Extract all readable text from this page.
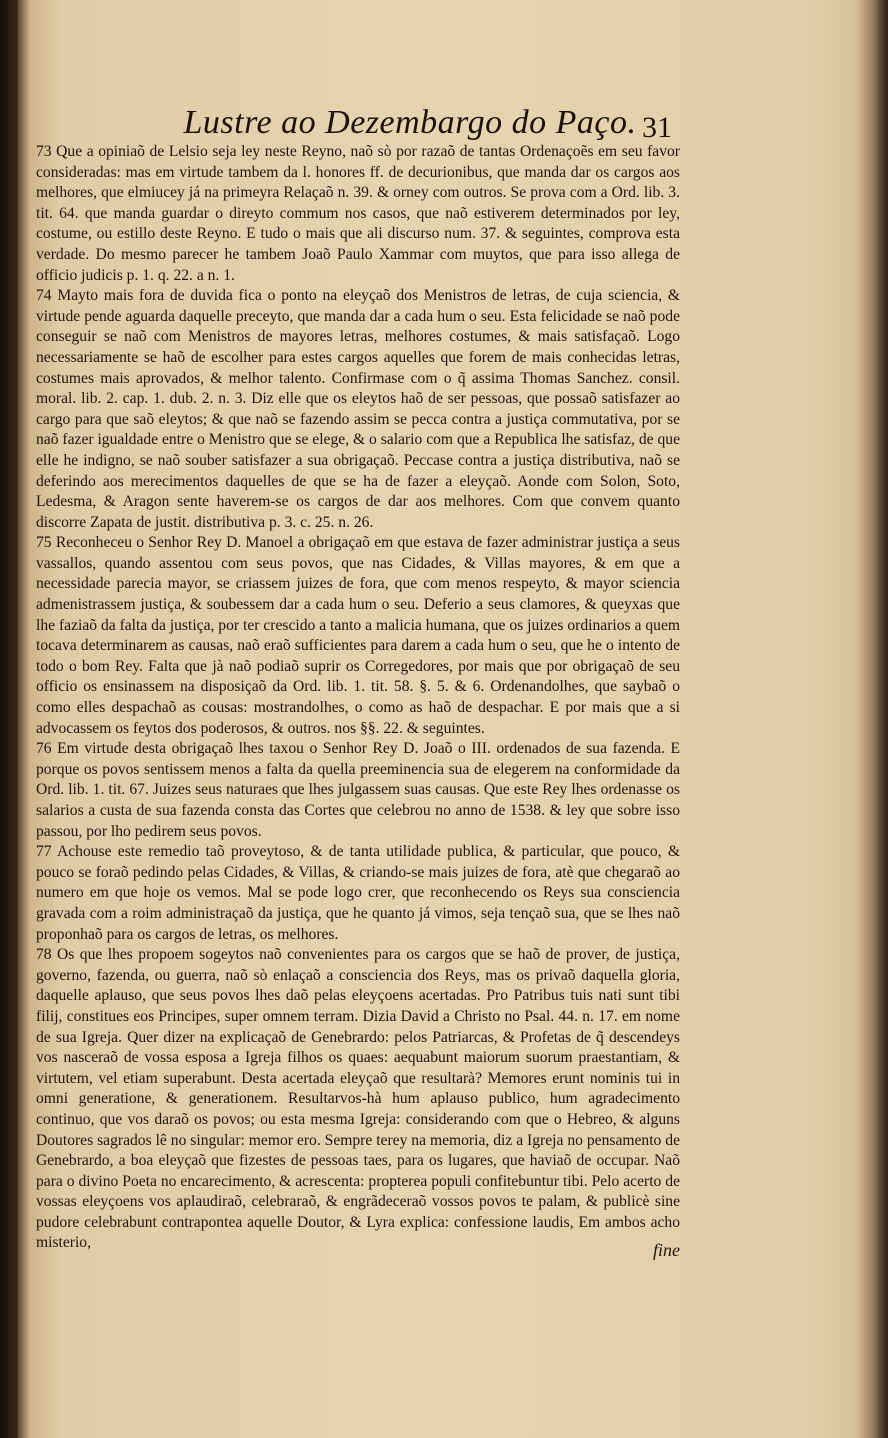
Lustre ao Dezembargo do Paço. 31

73 Que a opiniaõ de Lelsio seja ley neste Reyno, naõ sò por razaõ de tantas Ordenaçoẽs em seu favor consideradas: mas em virtude tambem da l. honores ff. de decurionibus, que manda dar os cargos aos melhores, que elmiucey já na primeyra Relaçaõ n. 39. & orney com outros. Se prova com a Ord. lib. 3. tit. 64. que manda guardar o direyto commum nos casos, que naõ estiverem determinados por ley, costume, ou estillo deste Reyno. E tudo o mais que ali discurso num. 37. & seguintes, comprova esta verdade. Do mesmo parecer he tambem Joaõ Paulo Xammar com muytos, que para isso allega de officio judicis p. 1. q. 22. a n. 1.

74 Mayto mais fora de duvida fica o ponto na eleyçaõ dos Menistros de letras, de cuja sciencia, & virtude pende aguarda daquelle preceyto, que manda dar a cada hum o seu. Esta felicidade se naõ pode conseguir se naõ com Menistros de mayores letras, melhores costumes, & mais satisfaçaõ. Logo necessariamente se haõ de escolher para estes cargos aquelles que forem de mais conhecidas letras, costumes mais aprovados, & melhor talento. Confirmase com o q̃ assima Thomas Sanchez. consil. moral. lib. 2. cap. 1. dub. 2. n. 3. Diz elle que os eleytos haõ de ser pessoas, que possaõ satisfazer ao cargo para que saõ eleytos; & que naõ se fazendo assim se pecca contra a justiça commutativa, por se naõ fazer igualdade entre o Menistro que se elege, & o salario com que a Republica lhe satisfaz, de que elle he indigno, se naõ souber satisfazer a sua obrigaçaõ. Peccase contra a justiça distributiva, naõ se deferindo aos merecimentos daquelles de que se ha de fazer a eleyçaõ. Aonde com Solon, Soto, Ledesma, & Aragon sente haverem-se os cargos de dar aos melhores. Com que convem quanto discorre Zapata de justit. distributiva p. 3. c. 25. n. 26.

75 Reconheceu o Senhor Rey D. Manoel a obrigaçaõ em que estava de fazer administrar justiça a seus vassallos, quando assentou com seus povos, que nas Cidades, & Villas mayores, & em que a necessidade parecia mayor, se criassem juizes de fora, que com menos respeyto, & mayor sciencia admenistrassem justiça, & soubessem dar a cada hum o seu. Deferio a seus clamores, & queyxas que lhe faziaõ da falta da justiça, por ter crescido a tanto a malicia humana, que os juizes ordinarios a quem tocava determinarem as causas, naõ eraõ sufficientes para darem a cada hum o seu, que he o intento de todo o bom Rey. Falta que jà naõ podiaõ suprir os Corregedores, por mais que por obrigaçaõ de seu officio os ensinassem na disposiçaõ da Ord. lib. 1. tit. 58. §. 5. & 6. Ordenandolhes, que saybaõ o como elles despachaõ as cousas: mostrandolhes, o como as haõ de despachar. E por mais que a si advocassem os feytos dos poderosos, & outros. nos §§. 22. & seguintes.

76 Em virtude desta obrigaçaõ lhes taxou o Senhor Rey D. Joaõ o III. ordenados de sua fazenda. E porque os povos sentissem menos a falta da quella preeminencia sua de elegerem na conformidade da Ord. lib. 1. tit. 67. Juizes seus naturaes que lhes julgassem suas causas. Que este Rey lhes ordenasse os salarios a custa de sua fazenda consta das Cortes que celebrou no anno de 1538. & ley que sobre isso passou, por lho pedirem seus povos.

77 Achouse este remedio taõ proveytoso, & de tanta utilidade publica, & particular, que pouco, & pouco se foraõ pedindo pelas Cidades, & Villas, & criando-se mais juizes de fora, atè que chegaraõ ao numero em que hoje os vemos. Mal se pode logo crer, que reconhecendo os Reys sua consciencia gravada com a roim administraçaõ da justiça, que he quanto já vimos, seja tençaõ sua, que se lhes naõ proponhaõ para os cargos de letras, os melhores.

78 Os que lhes propoem sogeytos naõ convenientes para os cargos que se haõ de prover, de justiça, governo, fazenda, ou guerra, naõ sò enlaçaõ a consciencia dos Reys, mas os privaõ daquella gloria, daquelle aplauso, que seus povos lhes daõ pelas eleyçoens acertadas. Pro Patribus tuis nati sunt tibi filij, constitues eos Principes, super omnem terram. Dizia David a Christo no Psal. 44. n. 17. em nome de sua Igreja. Quer dizer na explicaçaõ de Genebrardo: pelos Patriarcas, & Profetas de q̃ descendeys vos nasceraõ de vossa esposa a Igreja filhos os quaes: aequabunt maiorum suorum praestantiam, & virtutem, vel etiam superabunt. Desta acertada eleyçaõ que resultarà? Memores erunt nominis tui in omni generatione, & generationem. Resultarvos-hà hum aplauso publico, hum agradecimento continuo, que vos daraõ os povos; ou esta mesma Igreja: considerando com que o Hebreo, & alguns Doutores sagrados lê no singular: memor ero. Sempre terey na memoria, diz a Igreja no pensamento de Genebrardo, a boa eleyçaõ que fizestes de pessoas taes, para os lugares, que haviaõ de occupar. Naõ para o divino Poeta no encarecimento, & acrescenta: propterea populi confitebuntur tibi. Pelo acerto de vossas eleyçoens vos aplaudiraõ, celebraraõ, & engrãdeceraõ vossos povos te palam, & publicè sine pudore celebrabunt contrapontea aquelle Doutor, & Lyra explica: confessione laudis, Em ambos acho misterio,	fine
